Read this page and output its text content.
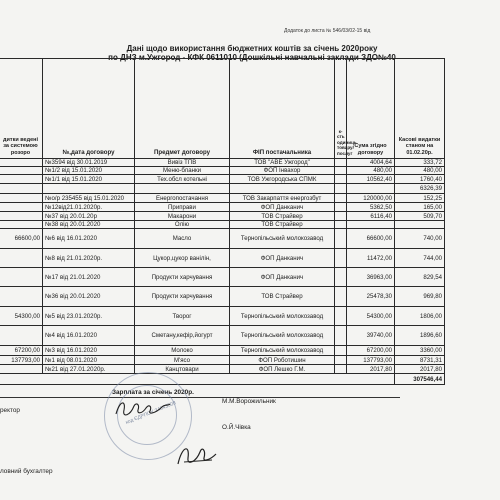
Додаток до листа № 546/03/02-15 від
Дані щодо використання бюджетних коштів за січень 2020року
по ДНЗ м.Ужгород - КФК 0611010 (Дошкільні навчальні заклади ЗДО№40
дитки ведені за системою розоро	№,дата договору	Предмет договору	ФІП постачальника	к-сть одиниць товару/послуг	Сума згідно договору	Касові видатки станом на 01.02.20р.
	№3594 від 30.01.2019	Вивіз ТПВ	ТОВ "АВЕ Ужгород"		4004,64	333,72
	№1/2 від 15.01.2020	Меню-бланки	ФОП Інвахор		480,00	480,00
	№1/1 від 15.01.2020	Тех.обсл котельні	ТОВ Ужгородська СПМК		10562,40	1760,40
						6326,39
	№о/р 235455 від 15.01.2020	Енергопостачання	ТОВ Закарпаття енергозбут		120000,00	152,25
	№12від21.01.2020р.	Приправи	ФОП Данканич		5362,50	165,00
	№37 від 20.01.20р	Макарони	ТОВ Страйвер		6116,40	509,70
	№38 від 20.01.2020	Олію	ТОВ Страйвер			
66600,00	№6 від 16.01.2020	Масло	Тернопільський молокозавод		66600,00	740,00
	№8 від 21.01.2020р.	Цукор,цукор ванілін,	ФОП Данканич		11472,00	744,00
	№17 від 21.01.2020	Продукти харчування	ФОП Данканич		36963,00	829,54
	№36 від 20.01.2020	Продукти харчування	ТОВ Страйвер		25478,30	969,80
54300,00	№5 від 23.01.2020р.	Творог	Тернопільський молокозавод		54300,00	1806,00
	№4 від 16.01.2020	Сметану,кефір,йогурт	Тернопільський молокозавод		39740,00	1896,60
67200,00	№3 від 16.01.2020	Молоко	Тернопільський молокозавод		67200,00	3360,00
137793,00	№1 від 08.01.2020	М'ясо	ФОП Роботишин		137793,00	8731,31
	№21 від 27.01.2020р.	Канцтовари	ФОП Лешко Г.М.		2017,80	2017,80
						307546,44
Зарплата за січень 2020р.
код ЄДРПОУ 34843508
ректор
М.М.Ворожильник
ловний бухгалтер
О.Й.Чівка
